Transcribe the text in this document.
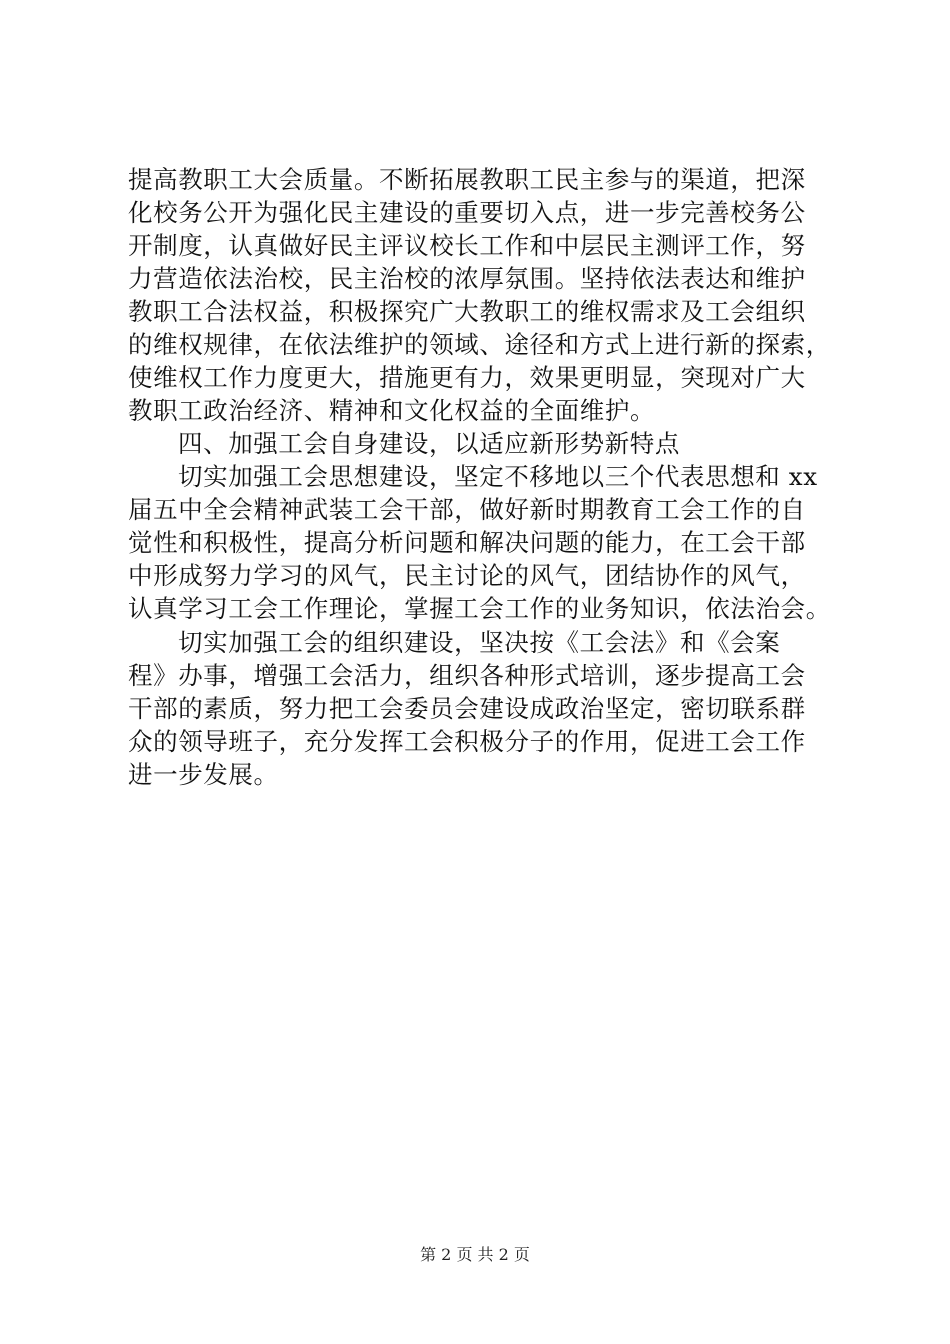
提高教职工大会质量。不断拓展教职工民主参与的渠道，把深
化校务公开为强化民主建设的重要切入点，进一步完善校务公
开制度，认真做好民主评议校长工作和中层民主测评工作，努
力营造依法治校，民主治校的浓厚氛围。坚持依法表达和维护
教职工合法权益，积极探究广大教职工的维权需求及工会组织
的维权规律，在依法维护的领域、途径和方式上进行新的探索，
使维权工作力度更大，措施更有力，效果更明显，突现对广大
教职工政治经济、精神和文化权益的全面维护。
四、加强工会自身建设，以适应新形势新特点
切实加强工会思想建设，坚定不移地以三个代表思想和 xx
届五中全会精神武装工会干部，做好新时期教育工会工作的自
觉性和积极性，提高分析问题和解决问题的能力，在工会干部
中形成努力学习的风气，民主讨论的风气，团结协作的风气，
认真学习工会工作理论，掌握工会工作的业务知识，依法治会。
切实加强工会的组织建设，坚决按《工会法》和《会案
程》办事，增强工会活力，组织各种形式培训，逐步提高工会
干部的素质，努力把工会委员会建设成政治坚定，密切联系群
众的领导班子，充分发挥工会积极分子的作用，促进工会工作
进一步发展。
第 2 页 共 2 页
